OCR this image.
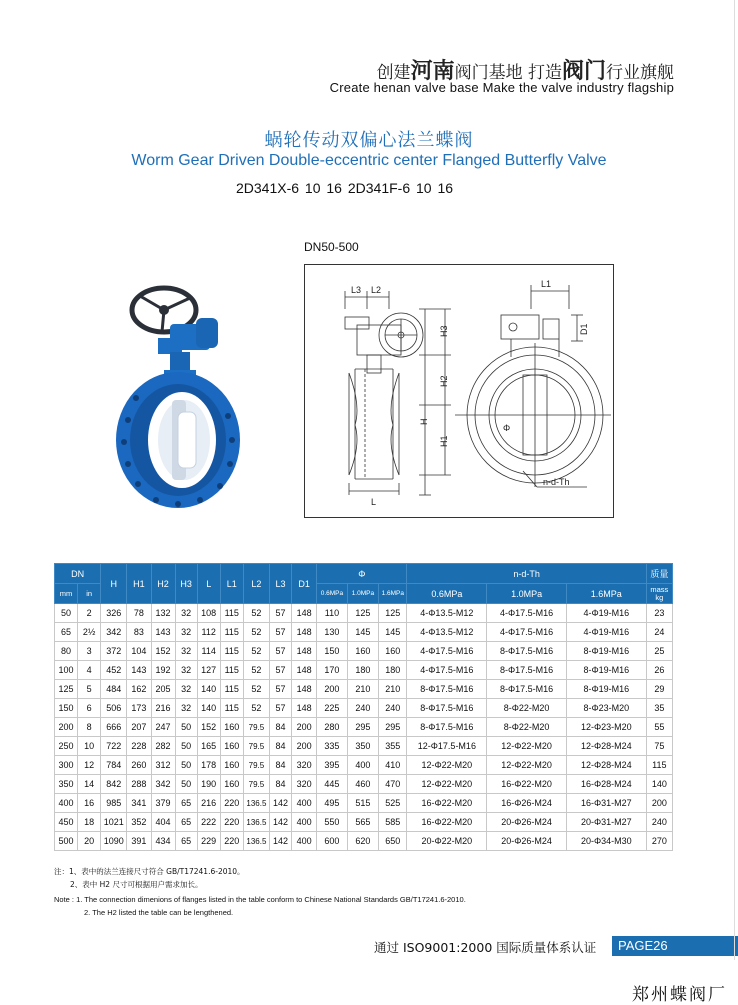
创建河南阀门基地 打造阀门行业旗舰
Create henan valve base Make the valve industry flagship
蜗轮传动双偏心法兰蝶阀
Worm Gear Driven Double-eccentric center Flanged Butterfly Valve
2D341X-6 10 16 2D341F-6 10 16
DN50-500
L3 L2
L
H
H3
H2
H1
L1
D1
Φ
n-d-Th
DN		H	H1	H2	H3	L	L1	L2	L3	D1	Φ			n-d-Th			质量
mm	in										0.6MPa	1.0MPa	1.6MPa	0.6MPa	1.0MPa	1.6MPa	mass
kg
50	2	326	78	132	32	108	115	52	57	148	110	125	125	4-Φ13.5-M12	4-Φ17.5-M16	4-Φ19-M16	23
65	2½	342	83	143	32	112	115	52	57	148	130	145	145	4-Φ13.5-M12	4-Φ17.5-M16	4-Φ19-M16	24
80	3	372	104	152	32	114	115	52	57	148	150	160	160	4-Φ17.5-M16	8-Φ17.5-M16	8-Φ19-M16	25
100	4	452	143	192	32	127	115	52	57	148	170	180	180	4-Φ17.5-M16	8-Φ17.5-M16	8-Φ19-M16	26
125	5	484	162	205	32	140	115	52	57	148	200	210	210	8-Φ17.5-M16	8-Φ17.5-M16	8-Φ19-M16	29
150	6	506	173	216	32	140	115	52	57	148	225	240	240	8-Φ17.5-M16	8-Φ22-M20	8-Φ23-M20	35
200	8	666	207	247	50	152	160	79.5	84	200	280	295	295	8-Φ17.5-M16	8-Φ22-M20	12-Φ23-M20	55
250	10	722	228	282	50	165	160	79.5	84	200	335	350	355	12-Φ17.5-M16	12-Φ22-M20	12-Φ28-M24	75
300	12	784	260	312	50	178	160	79.5	84	320	395	400	410	12-Φ22-M20	12-Φ22-M20	12-Φ28-M24	115
350	14	842	288	342	50	190	160	79.5	84	320	445	460	470	12-Φ22-M20	16-Φ22-M20	16-Φ28-M24	140
400	16	985	341	379	65	216	220	136.5	142	400	495	515	525	16-Φ22-M20	16-Φ26-M24	16-Φ31-M27	200
450	18	1021	352	404	65	222	220	136.5	142	400	550	565	585	16-Φ22-M20	20-Φ26-M24	20-Φ31-M27	240
500	20	1090	391	434	65	229	220	136.5	142	400	600	620	650	20-Φ22-M20	20-Φ26-M24	20-Φ34-M30	270
注：1、表中的法兰连接尺寸符合 GB/T17241.6-2010。
2、表中 H2 尺寸可根据用户需求加长。
Note : 1. The connection dimenions of flanges listed in the table conform to Chinese National Standards GB/T17241.6-2010.
2. The H2 listed the table can be lengthened.
通过 ISO9001:2000 国际质量体系认证	PAGE26
郑州蝶阀厂
